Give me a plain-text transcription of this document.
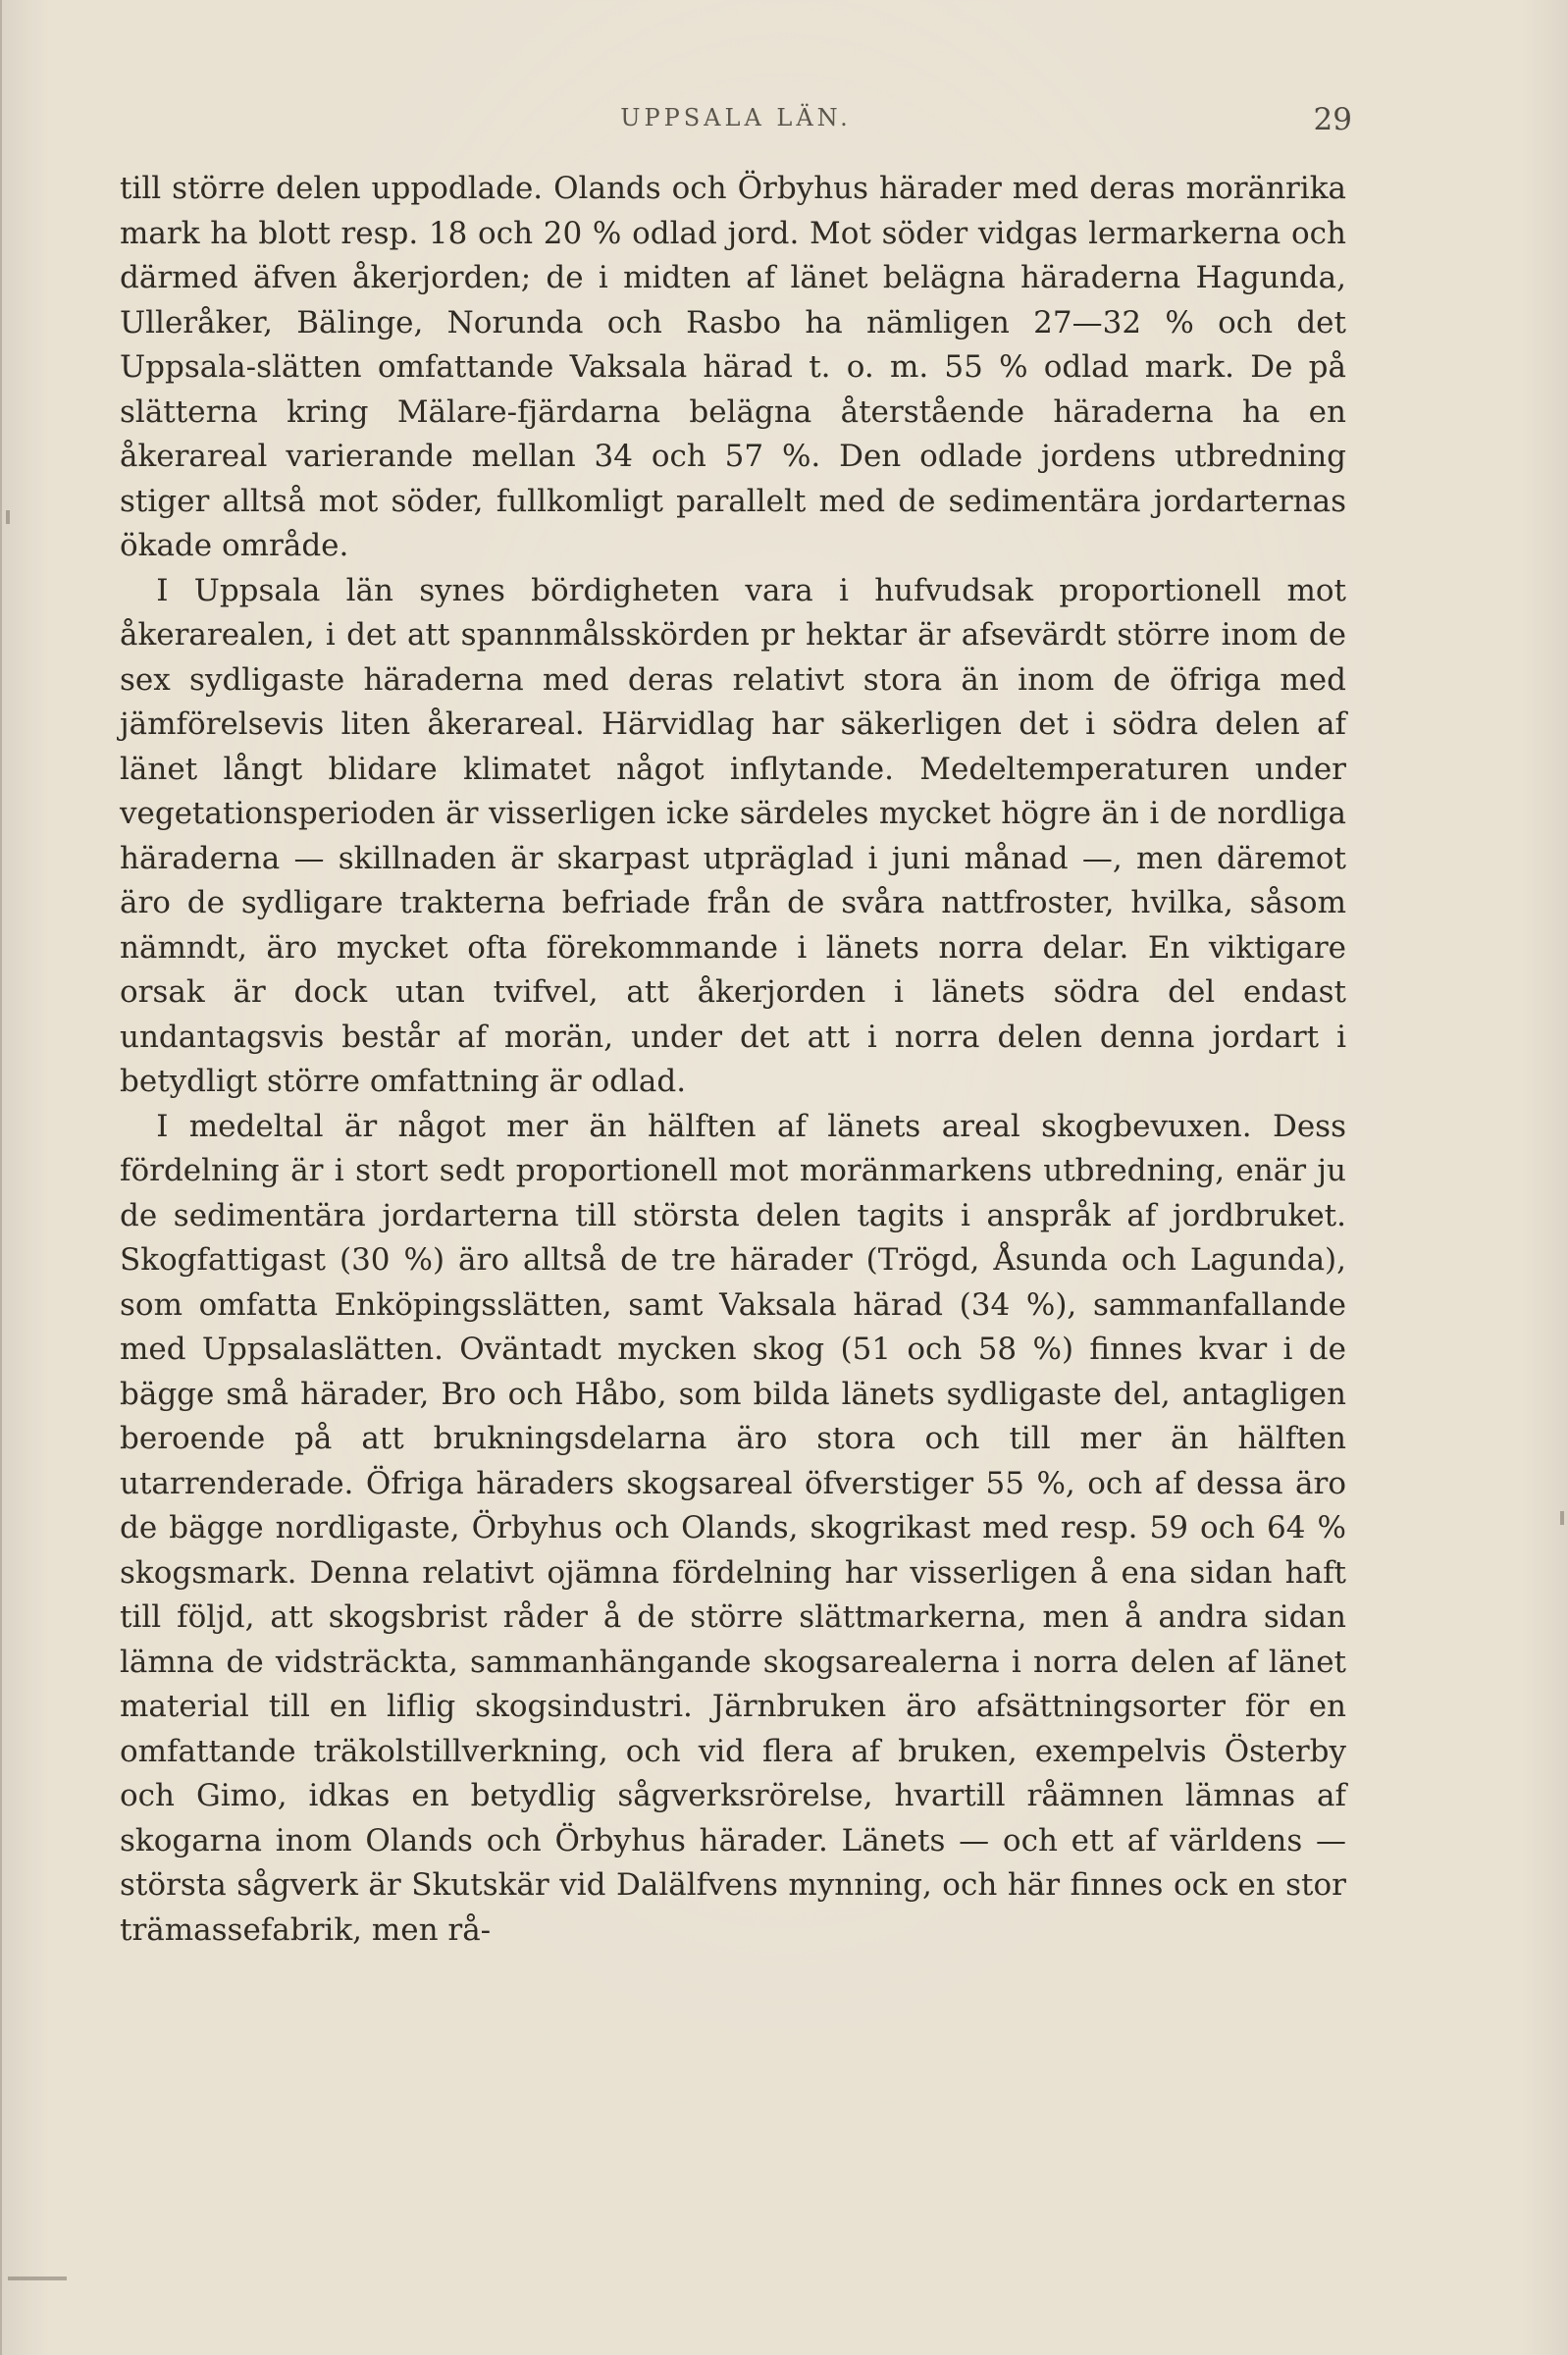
UPPSALA LÄN.	29

till större delen uppodlade. Olands och Örbyhus härader med deras moränrika mark ha blott resp. 18 och 20 % odlad jord. Mot söder vidgas lermarkerna och därmed äfven åkerjorden; de i midten af länet belägna häraderna Hagunda, Ulleråker, Bälinge, Norunda och Rasbo ha nämligen 27—32 % och det Uppsala-slätten omfattande Vaksala härad t. o. m. 55 % odlad mark. De på slätterna kring Mälare-fjärdarna belägna återstående häraderna ha en åkerareal varierande mellan 34 och 57 %. Den odlade jordens utbredning stiger alltså mot söder, fullkomligt parallelt med de sedimentära jordarternas ökade område.

I Uppsala län synes bördigheten vara i hufvudsak proportionell mot åkerarealen, i det att spannmålsskörden pr hektar är afsevärdt större inom de sex sydligaste häraderna med deras relativt stora än inom de öfriga med jämförelsevis liten åkerareal. Härvidlag har säkerligen det i södra delen af länet långt blidare klimatet något inflytande. Medeltemperaturen under vegetationsperioden är visserligen icke särdeles mycket högre än i de nordliga häraderna — skillnaden är skarpast utpräglad i juni månad —, men däremot äro de sydligare trakterna befriade från de svåra nattfroster, hvilka, såsom nämndt, äro mycket ofta förekommande i länets norra delar. En viktigare orsak är dock utan tvifvel, att åkerjorden i länets södra del endast undantagsvis består af morän, under det att i norra delen denna jordart i betydligt större omfattning är odlad.

I medeltal är något mer än hälften af länets areal skogbevuxen. Dess fördelning är i stort sedt proportionell mot moränmarkens utbredning, enär ju de sedimentära jordarterna till största delen tagits i anspråk af jordbruket. Skogfattigast (30 %) äro alltså de tre härader (Trögd, Åsunda och Lagunda), som omfatta Enköpingsslätten, samt Vaksala härad (34 %), sammanfallande med Uppsalaslätten. Oväntadt mycken skog (51 och 58 %) finnes kvar i de bägge små härader, Bro och Håbo, som bilda länets sydligaste del, antagligen beroende på att brukningsdelarna äro stora och till mer än hälften utarrenderade. Öfriga häraders skogsareal öfverstiger 55 %, och af dessa äro de bägge nordligaste, Örbyhus och Olands, skogrikast med resp. 59 och 64 % skogsmark. Denna relativt ojämna fördelning har visserligen å ena sidan haft till följd, att skogsbrist råder å de större slättmarkerna, men å andra sidan lämna de vidsträckta, sammanhängande skogsarealerna i norra delen af länet material till en liflig skogsindustri. Järnbruken äro afsättningsorter för en omfattande träkolstillverkning, och vid flera af bruken, exempelvis Österby och Gimo, idkas en betydlig sågverksrörelse, hvartill råämnen lämnas af skogarna inom Olands och Örbyhus härader. Länets — och ett af världens — största sågverk är Skutskär vid Dalälfvens mynning, och här finnes ock en stor trämassefabrik, men rå-
